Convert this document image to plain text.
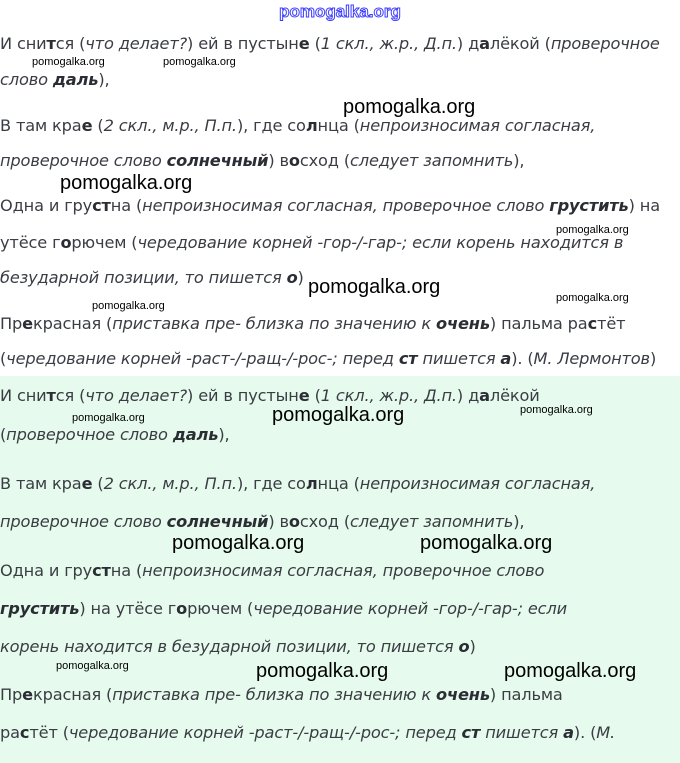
pomogalka.org
И снится (что делает?) ей в пустыне (1 скл., ж.р., Д.п.) далёкой (проверочное
слово даль),
В там крае (2 скл., м.р., П.п.), где солнца (непроизносимая согласная,
проверочное слово солнечный) восход (следует запомнить),
Одна и грустна (непроизносимая согласная, проверочное слово грустить) на
утёсе горючем (чередование корней -гор-/-гар-; если корень находится в
безударной позиции, то пишется о)
Прекрасная (приставка пре- близка по значению к очень) пальма растёт
(чередование корней -раст-/-ращ-/-рос-; перед ст пишется а). (М. Лермонтов)
И снится (что делает?) ей в пустыне (1 скл., ж.р., Д.п.) далёкой
(проверочное слово даль),
В там крае (2 скл., м.р., П.п.), где солнца (непроизносимая согласная,
проверочное слово солнечный) восход (следует запомнить),
Одна и грустна (непроизносимая согласная, проверочное слово
грустить) на утёсе горючем (чередование корней -гор-/-гар-; если
корень находится в безударной позиции, то пишется о)
Прекрасная (приставка пре- близка по значению к очень) пальма
растёт (чередование корней -раст-/-ращ-/-рос-; перед ст пишется а). (М.
pomogalka.org	pomogalka.org
pomogalka.org
pomogalka.org
pomogalka.org
pomogalka.org	pomogalka.org
pomogalka.org
pomogalka.org
pomogalka.org
pomogalka.org
pomogalka.org	pomogalka.org
pomogalka.org	pomogalka.org	pomogalka.org
